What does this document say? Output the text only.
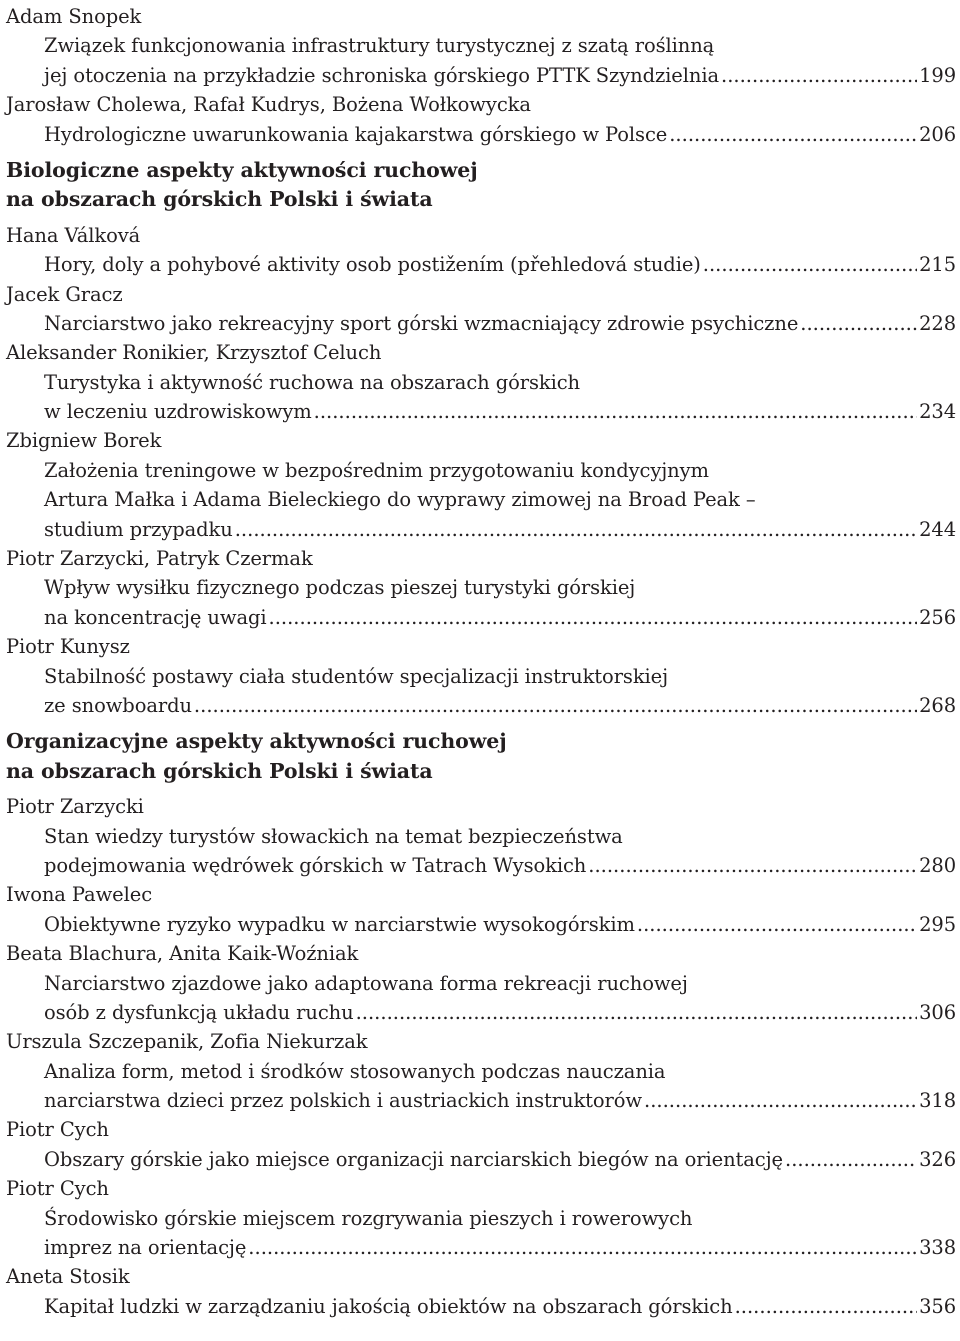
Adam Snopek
Związek funkcjonowania infrastruktury turystycznej z szatą roślinną
jej otoczenia na przykładzie schroniska górskiego PTTK Szyndzielnia .....	199
Jarosław Cholewa, Rafał Kudrys, Bożena Wołkowycka
Hydrologiczne uwarunkowania kajakarstwa górskiego w Polsce .....	206
Biologiczne aspekty aktywności ruchowej
na obszarach górskich Polski i świata
Hana Válková
Hory, doly a pohybové aktivity osob postižením (přehledová studie) .....	215
Jacek Gracz
Narciarstwo jako rekreacyjny sport górski wzmacniający zdrowie psychiczne .....	228
Aleksander Ronikier, Krzysztof Celuch
Turystyka i aktywność ruchowa na obszarach górskich
w leczeniu uzdrowiskowym .....	234
Zbigniew Borek
Założenia treningowe w bezpośrednim przygotowaniu kondycyjnym
Artura Małka i Adama Bieleckiego do wyprawy zimowej na Broad Peak –
studium przypadku .....	244
Piotr Zarzycki, Patryk Czermak
Wpływ wysiłku fizycznego podczas pieszej turystyki górskiej
na koncentrację uwagi .....	256
Piotr Kunysz
Stabilność postawy ciała studentów specjalizacji instruktorskiej
ze snowboardu .....	268
Organizacyjne aspekty aktywności ruchowej
na obszarach górskich Polski i świata
Piotr Zarzycki
Stan wiedzy turystów słowackich na temat bezpieczeństwa
podejmowania wędrówek górskich w Tatrach Wysokich .....	280
Iwona Pawelec
Obiektywne ryzyko wypadku w narciarstwie wysokogórskim .....	295
Beata Blachura, Anita Kaik-Woźniak
Narciarstwo zjazdowe jako adaptowana forma rekreacji ruchowej
osób z dysfunkcją układu ruchu .....	306
Urszula Szczepanik, Zofia Niekurzak
Analiza form, metod i środków stosowanych podczas nauczania
narciarstwa dzieci przez polskich i austriackich instruktorów .....	318
Piotr Cych
Obszary górskie jako miejsce organizacji narciarskich biegów na orientację .....	326
Piotr Cych
Środowisko górskie miejscem rozgrywania pieszych i rowerowych
imprez na orientację .....	338
Aneta Stosik
Kapitał ludzki w zarządzaniu jakością obiektów na obszarach górskich .....	356
